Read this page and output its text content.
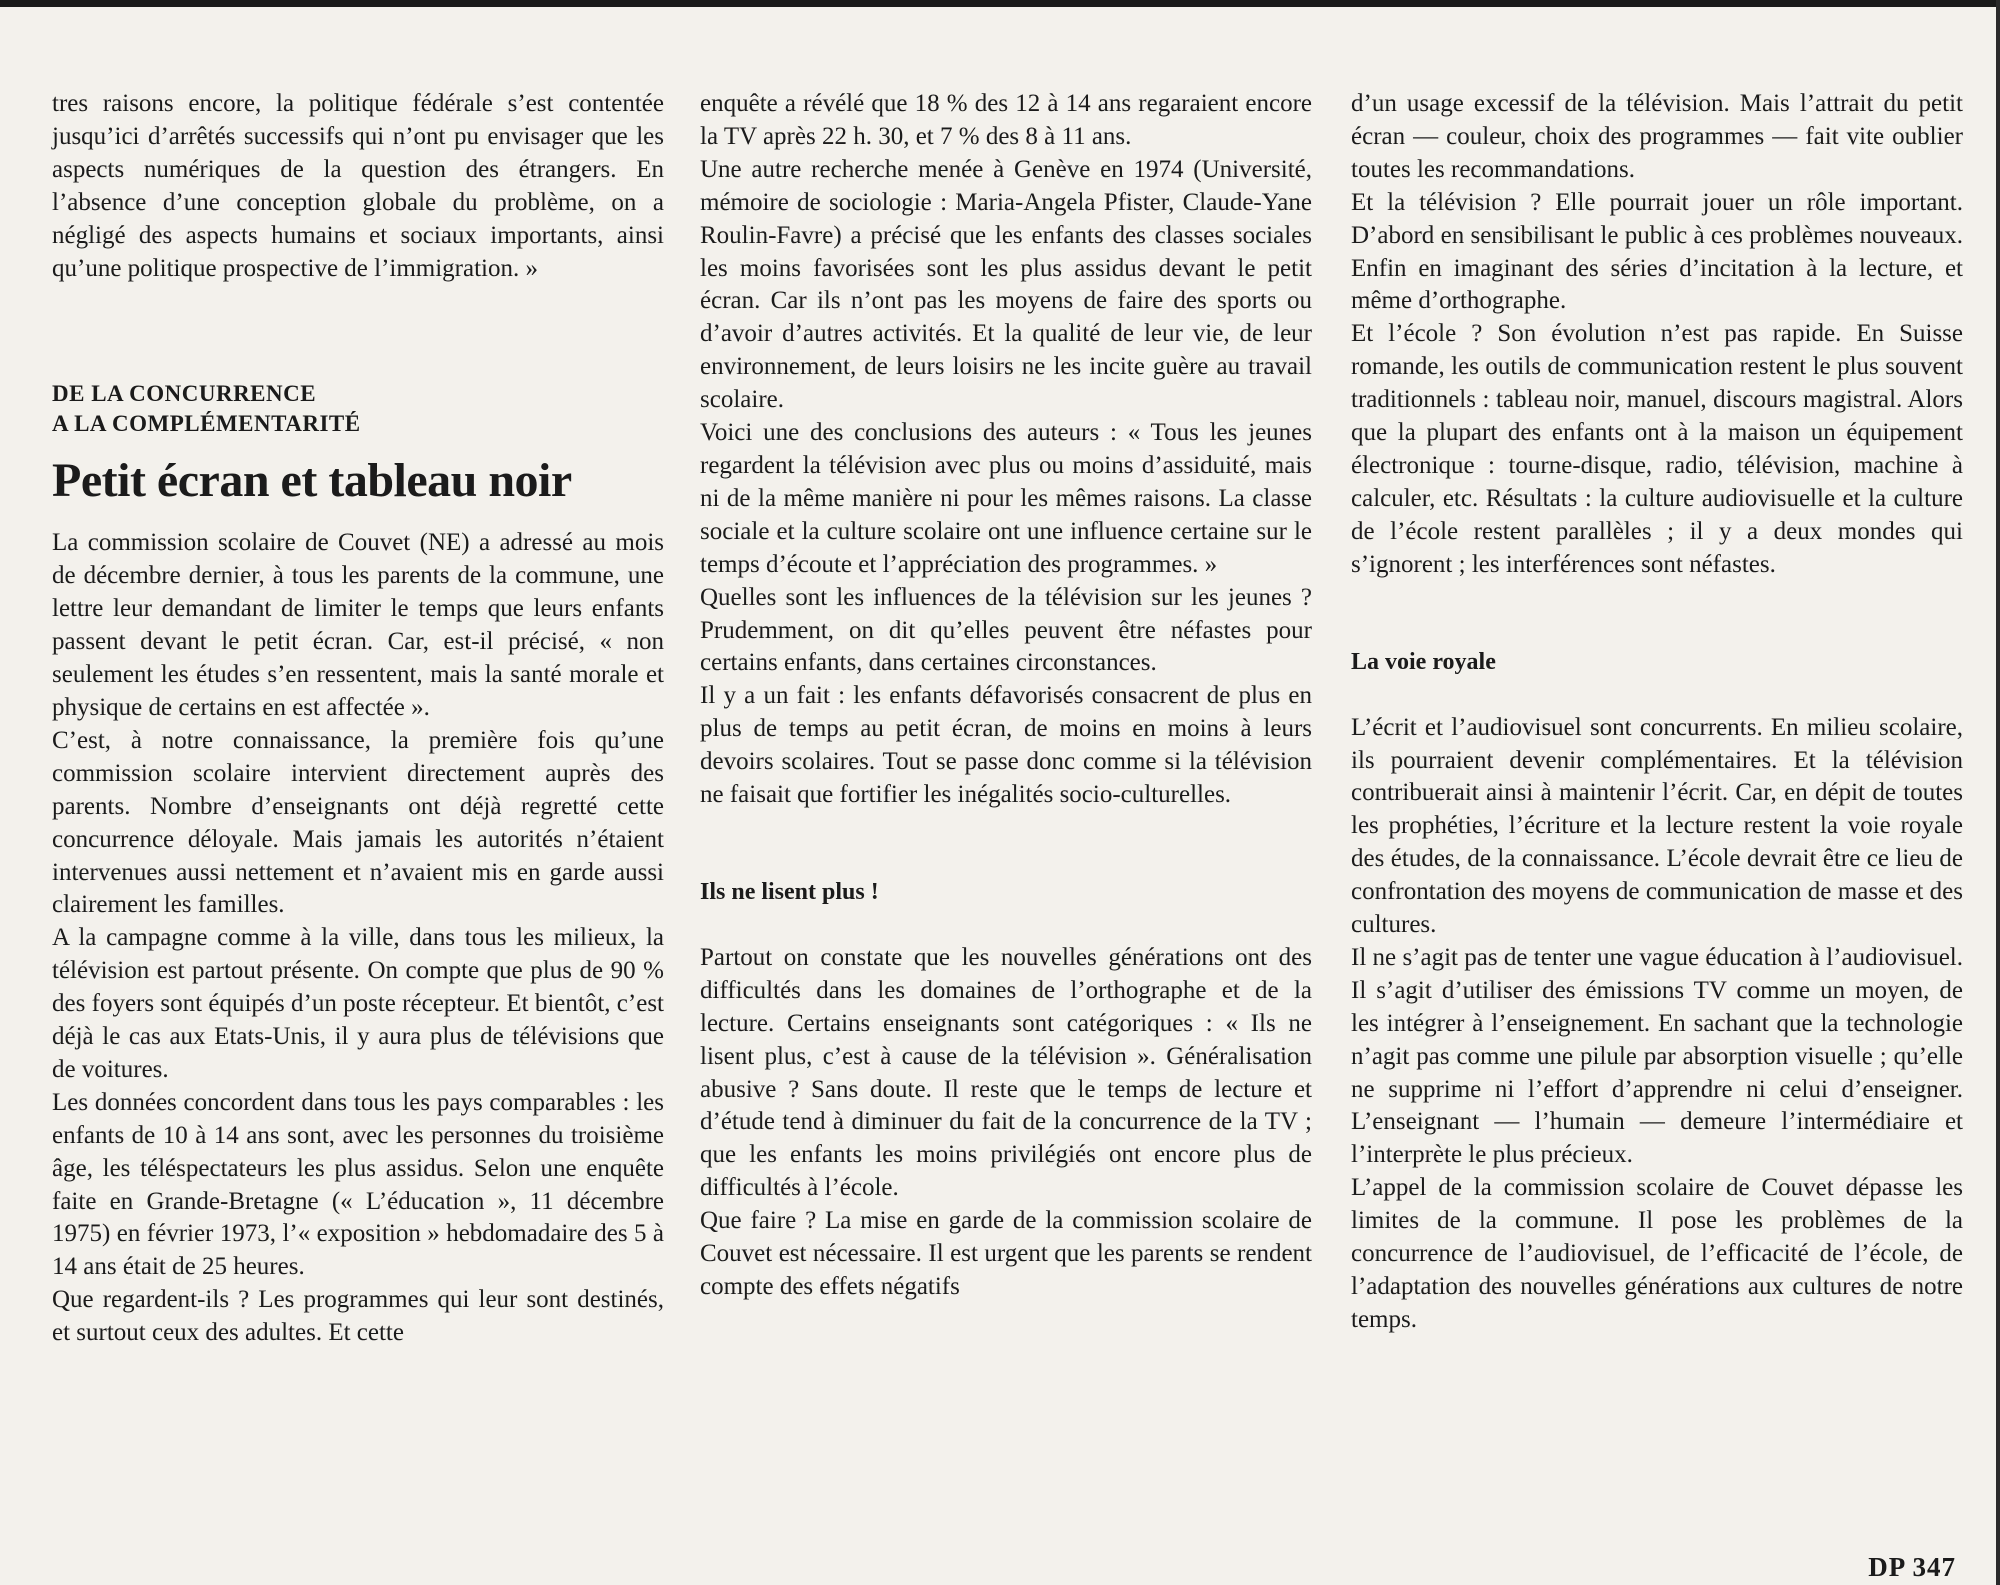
tres raisons encore, la politique fédérale s’est contentée jusqu’ici d’arrêtés successifs qui n’ont pu envisager que les aspects numériques de la question des étrangers. En l’absence d’une conception globale du problème, on a négligé des aspects humains et sociaux importants, ainsi qu’une politique prospective de l’immigration. »

DE LA CONCURRENCE

A LA COMPLÉMENTARITÉ

Petit écran et tableau noir

La commission scolaire de Couvet (NE) a adressé au mois de décembre dernier, à tous les parents de la commune, une lettre leur demandant de limiter le temps que leurs enfants passent devant le petit écran. Car, est-il précisé, « non seulement les études s’en ressentent, mais la santé morale et physique de certains en est affectée ».

C’est, à notre connaissance, la première fois qu’une commission scolaire intervient directement auprès des parents. Nombre d’enseignants ont déjà regretté cette concurrence déloyale. Mais jamais les autorités n’étaient intervenues aussi nettement et n’avaient mis en garde aussi clairement les familles.

A la campagne comme à la ville, dans tous les milieux, la télévision est partout présente. On compte que plus de 90 % des foyers sont équipés d’un poste récepteur. Et bientôt, c’est déjà le cas aux Etats-Unis, il y aura plus de télévisions que de voitures.

Les données concordent dans tous les pays comparables : les enfants de 10 à 14 ans sont, avec les personnes du troisième âge, les téléspectateurs les plus assidus. Selon une enquête faite en Grande-Bretagne (« L’éducation », 11 décembre 1975) en février 1973, l’« exposition » hebdomadaire des 5 à 14 ans était de 25 heures.

Que regardent-ils ? Les programmes qui leur sont destinés, et surtout ceux des adultes. Et cette

enquête a révélé que 18 % des 12 à 14 ans regaraient encore la TV après 22 h. 30, et 7 % des 8 à 11 ans.

Une autre recherche menée à Genève en 1974 (Université, mémoire de sociologie : Maria-Angela Pfister, Claude-Yane Roulin-Favre) a précisé que les enfants des classes sociales les moins favorisées sont les plus assidus devant le petit écran. Car ils n’ont pas les moyens de faire des sports ou d’avoir d’autres activités. Et la qualité de leur vie, de leur environnement, de leurs loisirs ne les incite guère au travail scolaire.

Voici une des conclusions des auteurs : « Tous les jeunes regardent la télévision avec plus ou moins d’assiduité, mais ni de la même manière ni pour les mêmes raisons. La classe sociale et la culture scolaire ont une influence certaine sur le temps d’écoute et l’appréciation des programmes. »

Quelles sont les influences de la télévision sur les jeunes ? Prudemment, on dit qu’elles peuvent être néfastes pour certains enfants, dans certaines circonstances.

Il y a un fait : les enfants défavorisés consacrent de plus en plus de temps au petit écran, de moins en moins à leurs devoirs scolaires. Tout se passe donc comme si la télévision ne faisait que fortifier les inégalités socio-culturelles.

Ils ne lisent plus !

Partout on constate que les nouvelles générations ont des difficultés dans les domaines de l’orthographe et de la lecture. Certains enseignants sont catégoriques : « Ils ne lisent plus, c’est à cause de la télévision ». Généralisation abusive ? Sans doute. Il reste que le temps de lecture et d’étude tend à diminuer du fait de la concurrence de la TV ; que les enfants les moins privilégiés ont encore plus de difficultés à l’école.

Que faire ? La mise en garde de la commission scolaire de Couvet est nécessaire. Il est urgent que les parents se rendent compte des effets négatifs

d’un usage excessif de la télévision. Mais l’attrait du petit écran — couleur, choix des programmes — fait vite oublier toutes les recommandations.

Et la télévision ? Elle pourrait jouer un rôle important. D’abord en sensibilisant le public à ces problèmes nouveaux. Enfin en imaginant des séries d’incitation à la lecture, et même d’orthographe.

Et l’école ? Son évolution n’est pas rapide. En Suisse romande, les outils de communication restent le plus souvent traditionnels : tableau noir, manuel, discours magistral. Alors que la plupart des enfants ont à la maison un équipement électronique : tourne-disque, radio, télévision, machine à calculer, etc. Résultats : la culture audiovisuelle et la culture de l’école restent parallèles ; il y a deux mondes qui s’ignorent ; les interférences sont néfastes.

La voie royale

L’écrit et l’audiovisuel sont concurrents. En milieu scolaire, ils pourraient devenir complémentaires. Et la télévision contribuerait ainsi à maintenir l’écrit. Car, en dépit de toutes les prophéties, l’écriture et la lecture restent la voie royale des études, de la connaissance. L’école devrait être ce lieu de confrontation des moyens de communication de masse et des cultures.

Il ne s’agit pas de tenter une vague éducation à l’audiovisuel. Il s’agit d’utiliser des émissions TV comme un moyen, de les intégrer à l’enseignement. En sachant que la technologie n’agit pas comme une pilule par absorption visuelle ; qu’elle ne supprime ni l’effort d’apprendre ni celui d’enseigner. L’enseignant — l’humain — demeure l’intermédiaire et l’interprète le plus précieux.

L’appel de la commission scolaire de Couvet dépasse les limites de la commune. Il pose les problèmes de la concurrence de l’audiovisuel, de l’efficacité de l’école, de l’adaptation des nouvelles générations aux cultures de notre temps.

DP 347
